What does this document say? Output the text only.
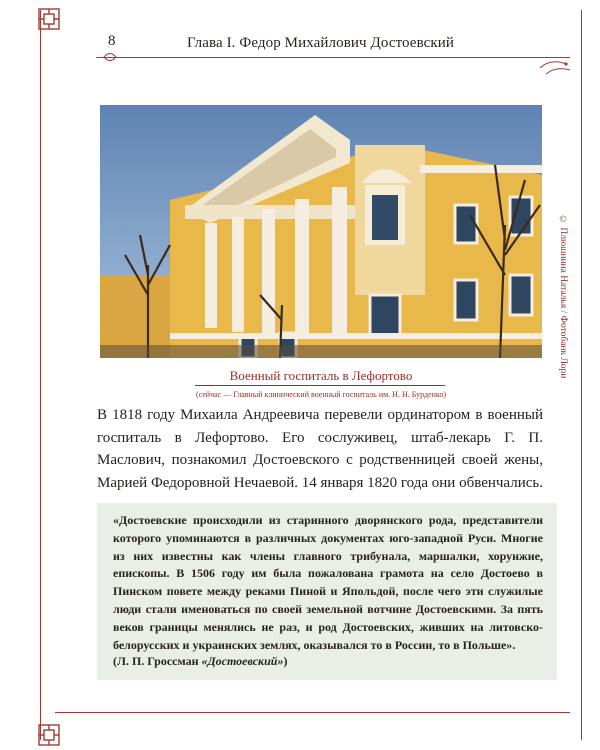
8	Глава I. Федор Михайлович Достоевский
© Плюшнина Наталья / Фотобанк Лори
Военный госпиталь в Лефортово
(сейчас — Главный клинический военный госпиталь им. Н. Н. Бурденко)
В 1818 году Михаила Андреевича перевели ординатором в военный госпиталь в Лефортово. Его сослуживец, штаб-лекарь Г. П. Маслович, познакомил Достоевского с родственницей своей жены, Марией Федоровной Нечаевой. 14 января 1820 года они обвенчались.
«Достоевские происходили из старинного дворянского рода, представители которого упоминаются в различных документах юго-западной Руси. Многие из них известны как члены главного трибунала, маршалки, хорунжие, епископы. В 1506 году им была пожалована грамота на село Достоево в Пинском повете между реками Пиной и Япольдой, после чего эти служилые люди стали именоваться по своей земельной вотчине Достоевскими. За пять веков границы менялись не раз, и род Достоевских, живших на литовско-белорусских и украинских землях, оказывался то в России, то в Польше».
(Л. П. Гроссман «Достоевский»)
